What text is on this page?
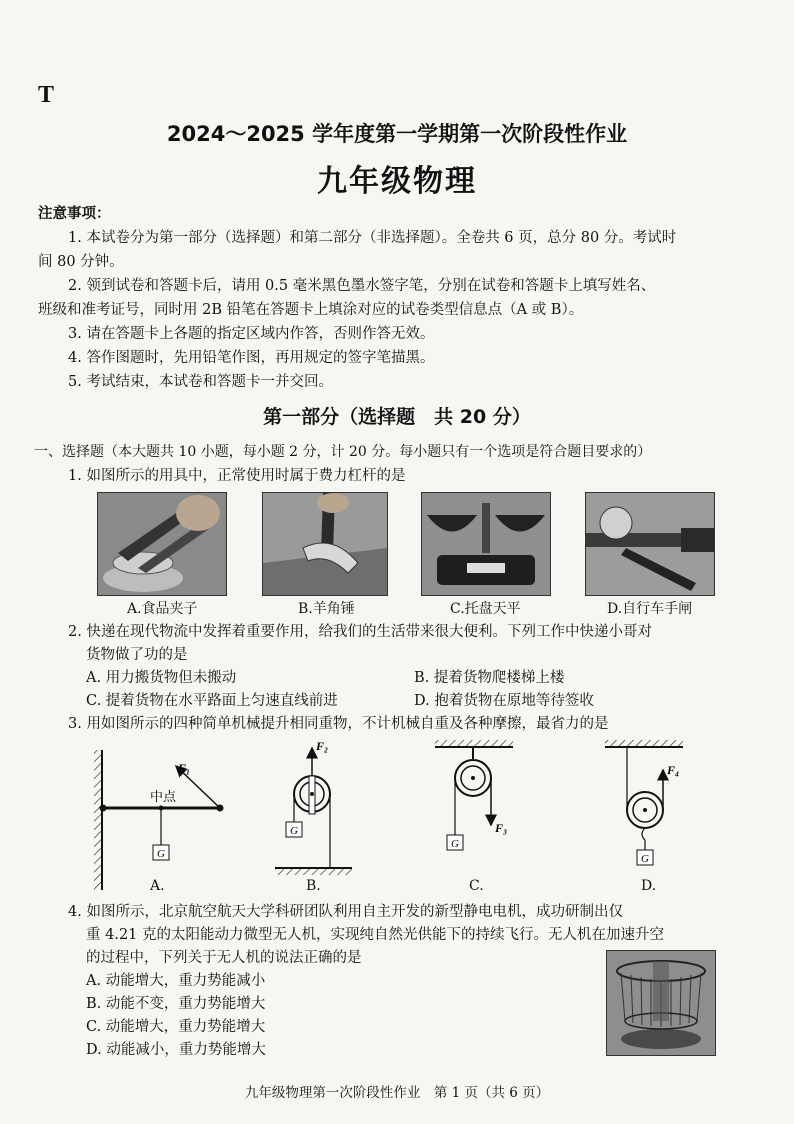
T
2024～2025 学年度第一学期第一次阶段性作业
九年级物理
注意事项：
1. 本试卷分为第一部分（选择题）和第二部分（非选择题）。全卷共 6 页，总分 80 分。考试时
间 80 分钟。
2. 领到试卷和答题卡后，请用 0.5 毫米黑色墨水签字笔，分别在试卷和答题卡上填写姓名、
班级和准考证号，同时用 2B 铅笔在答题卡上填涂对应的试卷类型信息点（A 或 B）。
3. 请在答题卡上各题的指定区域内作答，否则作答无效。
4. 答作图题时，先用铅笔作图，再用规定的签字笔描黑。
5. 考试结束，本试卷和答题卡一并交回。
第一部分（选择题　共 20 分）
一、选择题（本大题共 10 小题，每小题 2 分，计 20 分。每小题只有一个选项是符合题目要求的）
1. 如图所示的用具中，正常使用时属于费力杠杆的是
A.食品夹子	B.羊角锤	C.托盘天平	D.自行车手闸
2. 快递在现代物流中发挥着重要作用，给我们的生活带来很大便利。下列工作中快递小哥对
货物做了功的是
A. 用力搬货物但未搬动	B. 提着货物爬楼梯上楼
C. 提着货物在水平路面上匀速直线前进	D. 抱着货物在原地等待签收
3. 用如图所示的四种简单机械提升相同重物，不计机械自重及各种摩擦，最省力的是
中点
G
F₁
G
F₂
G
F₃
G
F₄
A.	B.	C.	D.
4. 如图所示，北京航空航天大学科研团队利用自主开发的新型静电电机，成功研制出仅
重 4.21 克的太阳能动力微型无人机，实现纯自然光供能下的持续飞行。无人机在加速升空
的过程中，下列关于无人机的说法正确的是
A. 动能增大，重力势能减小
B. 动能不变，重力势能增大
C. 动能增大，重力势能增大
D. 动能减小，重力势能增大
九年级物理第一次阶段性作业　第 1 页（共 6 页）
